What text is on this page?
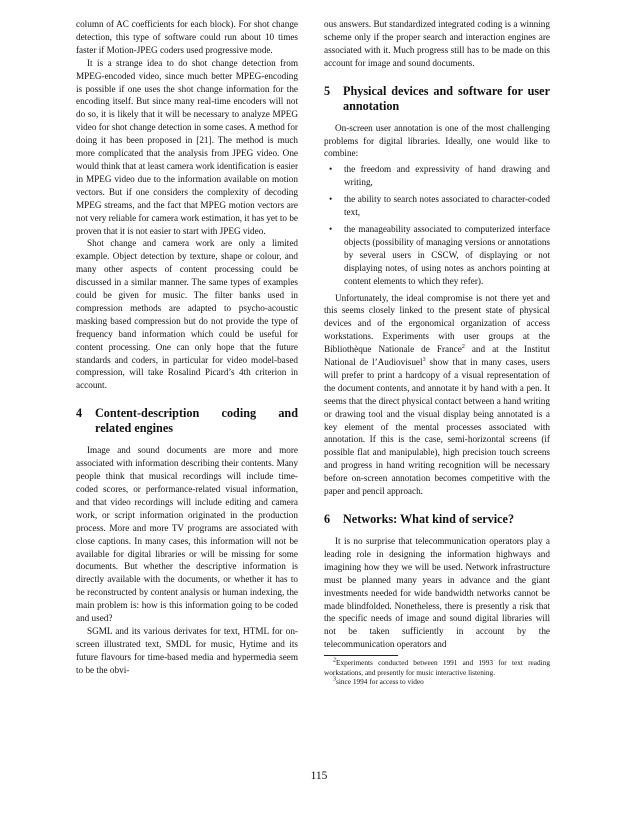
column of AC coefficients for each block). For shot change detection, this type of software could run about 10 times faster if Motion-JPEG coders used progressive mode.

It is a strange idea to do shot change detection from MPEG-encoded video, since much better MPEG-encoding is possible if one uses the shot change information for the encoding itself. But since many real-time encoders will not do so, it is likely that it will be necessary to analyze MPEG video for shot change detection in some cases. A method for doing it has been proposed in [21]. The method is much more complicated that the analysis from JPEG video. One would think that at least camera work identification is easier in MPEG video due to the information available on motion vectors. But if one considers the complexity of decoding MPEG streams, and the fact that MPEG motion vectors are not very reliable for camera work estimation, it has yet to be proven that it is not easier to start with JPEG video.

Shot change and camera work are only a limited example. Object detection by texture, shape or colour, and many other aspects of content processing could be discussed in a similar manner. The same types of examples could be given for music. The filter banks used in compression methods are adapted to psycho-acoustic masking based compression but do not provide the type of frequency band information which could be useful for content processing. One can only hope that the future standards and coders, in particular for video model-based compression, will take Rosalind Picard’s 4th criterion in account.

4	Content-description coding and related engines

Image and sound documents are more and more associated with information describing their contents. Many people think that musical recordings will include time-coded scores, or performance-related visual information, and that video recordings will include editing and camera work, or script information originated in the production process. More and more TV programs are associated with close captions. In many cases, this information will not be available for digital libraries or will be missing for some documents. But whether the descriptive information is directly available with the documents, or whether it has to be reconstructed by content analysis or human indexing, the main problem is: how is this information going to be coded and used?

SGML and its various derivates for text, HTML for on-screen illustrated text, SMDL for music, Hytime and its future flavours for time-based media and hypermedia seem to be the obvi-

ous answers. But standardized integrated coding is a winning scheme only if the proper search and interaction engines are associated with it. Much progress still has to be made on this account for image and sound documents.

5	Physical devices and software for user annotation

On-screen user annotation is one of the most challenging problems for digital libraries. Ideally, one would like to combine:

• the freedom and expressivity of hand drawing and writing,
• the ability to search notes associated to character-coded text,
• the manageability associated to computerized interface objects (possibility of managing versions or annotations by several users in CSCW, of displaying or not displaying notes, of using notes as anchors pointing at content elements to which they refer).

Unfortunately, the ideal compromise is not there yet and this seems closely linked to the present state of physical devices and of the ergonomical organization of access workstations. Experiments with user groups at the Bibliothèque Nationale de France$^2$ and at the Institut National de l’Audiovisuel$^3$ show that in many cases, users will prefer to print a hardcopy of a visual representation of the document contents, and annotate it by hand with a pen. It seems that the direct physical contact between a hand writing or drawing tool and the visual display being annotated is a key element of the mental processes associated with annotation. If this is the case, semi-horizontal screens (if possible flat and manipulable), high precision touch screens and progress in hand writing recognition will be necessary before on-screen annotation becomes competitive with the paper and pencil approach.

6	Networks: What kind of service?

It is no surprise that telecommunication operators play a leading role in designing the information highways and imagining how they we will be used. Network infrastructure must be planned many years in advance and the giant investments needed for wide bandwidth networks cannot be made blindfolded. Nonetheless, there is presently a risk that the specific needs of image and sound digital libraries will not be taken sufficiently in account by the telecommunication operators and

$^2$Experiments conducted between 1991 and 1993 for text reading workstations, and presently for music interactive listening.

$^3$since 1994 for access to video

115
